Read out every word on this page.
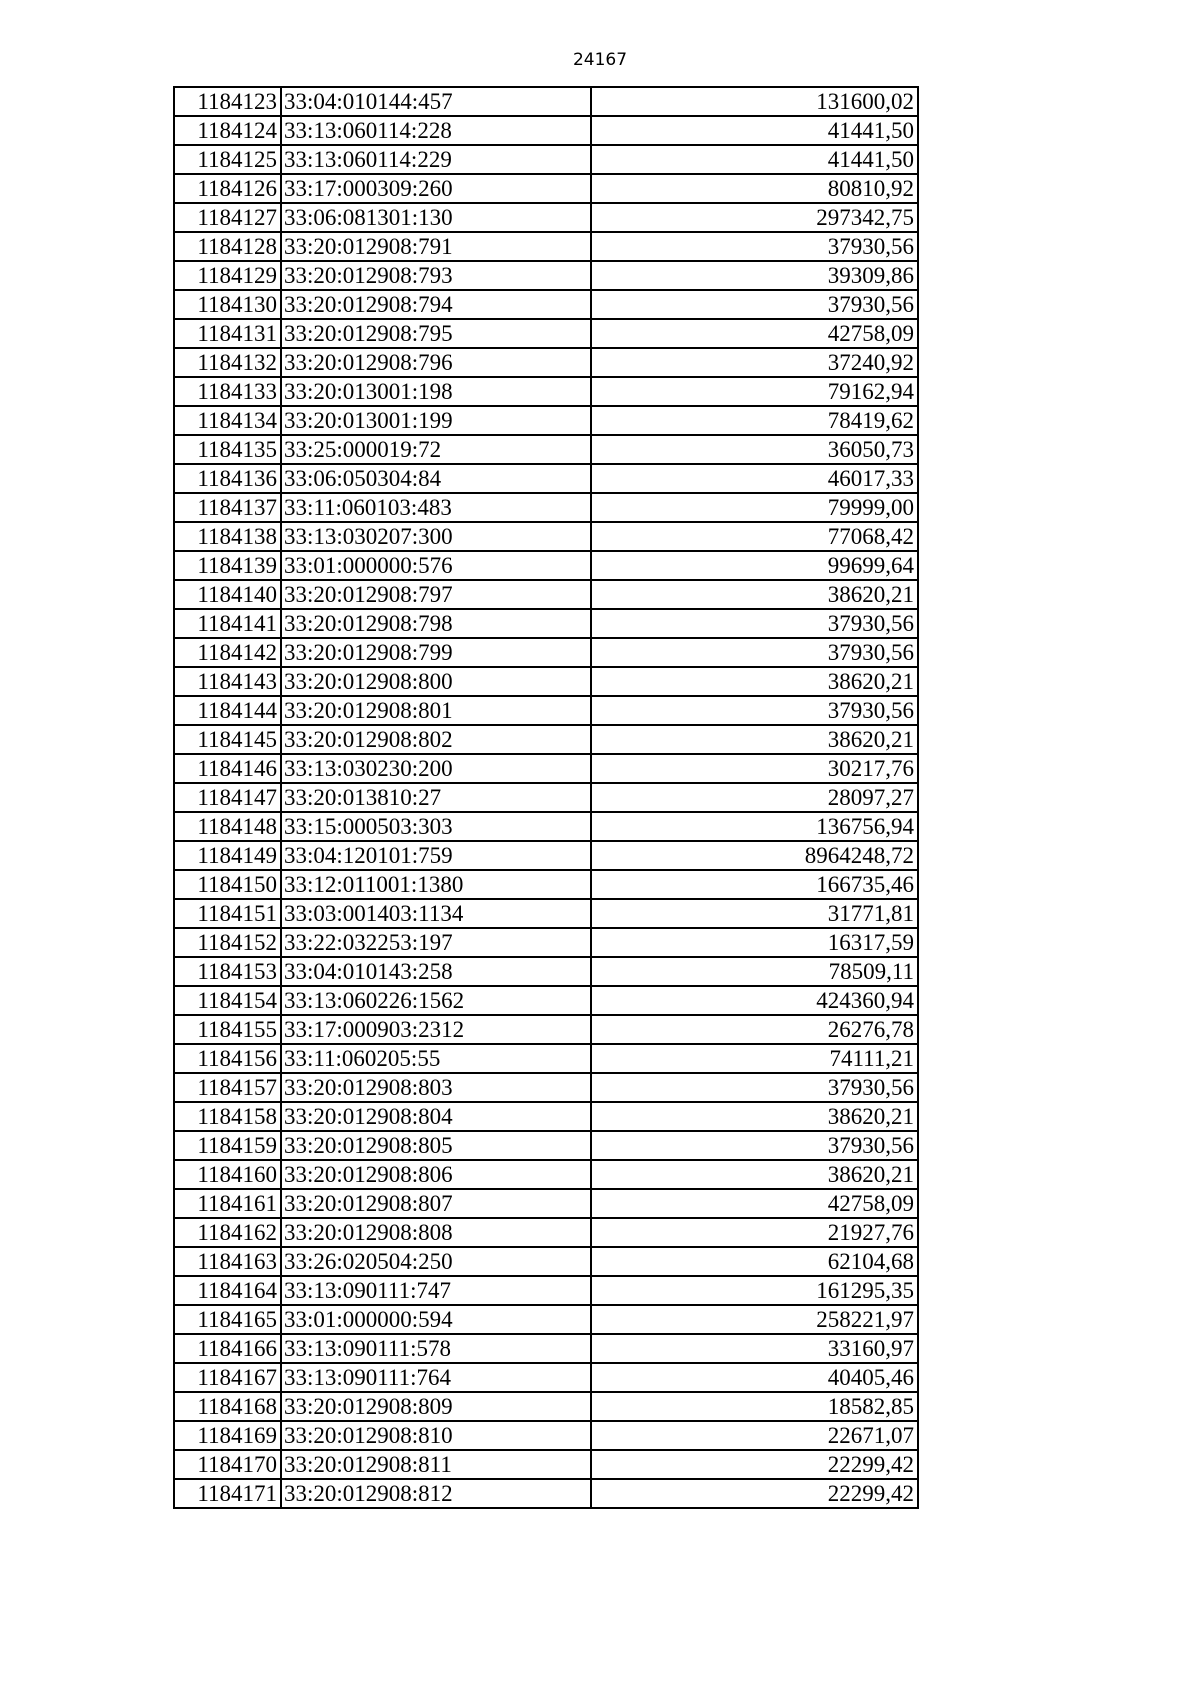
24167
1184123	33:04:010144:457	131600,02
1184124	33:13:060114:228	41441,50
1184125	33:13:060114:229	41441,50
1184126	33:17:000309:260	80810,92
1184127	33:06:081301:130	297342,75
1184128	33:20:012908:791	37930,56
1184129	33:20:012908:793	39309,86
1184130	33:20:012908:794	37930,56
1184131	33:20:012908:795	42758,09
1184132	33:20:012908:796	37240,92
1184133	33:20:013001:198	79162,94
1184134	33:20:013001:199	78419,62
1184135	33:25:000019:72	36050,73
1184136	33:06:050304:84	46017,33
1184137	33:11:060103:483	79999,00
1184138	33:13:030207:300	77068,42
1184139	33:01:000000:576	99699,64
1184140	33:20:012908:797	38620,21
1184141	33:20:012908:798	37930,56
1184142	33:20:012908:799	37930,56
1184143	33:20:012908:800	38620,21
1184144	33:20:012908:801	37930,56
1184145	33:20:012908:802	38620,21
1184146	33:13:030230:200	30217,76
1184147	33:20:013810:27	28097,27
1184148	33:15:000503:303	136756,94
1184149	33:04:120101:759	8964248,72
1184150	33:12:011001:1380	166735,46
1184151	33:03:001403:1134	31771,81
1184152	33:22:032253:197	16317,59
1184153	33:04:010143:258	78509,11
1184154	33:13:060226:1562	424360,94
1184155	33:17:000903:2312	26276,78
1184156	33:11:060205:55	74111,21
1184157	33:20:012908:803	37930,56
1184158	33:20:012908:804	38620,21
1184159	33:20:012908:805	37930,56
1184160	33:20:012908:806	38620,21
1184161	33:20:012908:807	42758,09
1184162	33:20:012908:808	21927,76
1184163	33:26:020504:250	62104,68
1184164	33:13:090111:747	161295,35
1184165	33:01:000000:594	258221,97
1184166	33:13:090111:578	33160,97
1184167	33:13:090111:764	40405,46
1184168	33:20:012908:809	18582,85
1184169	33:20:012908:810	22671,07
1184170	33:20:012908:811	22299,42
1184171	33:20:012908:812	22299,42
